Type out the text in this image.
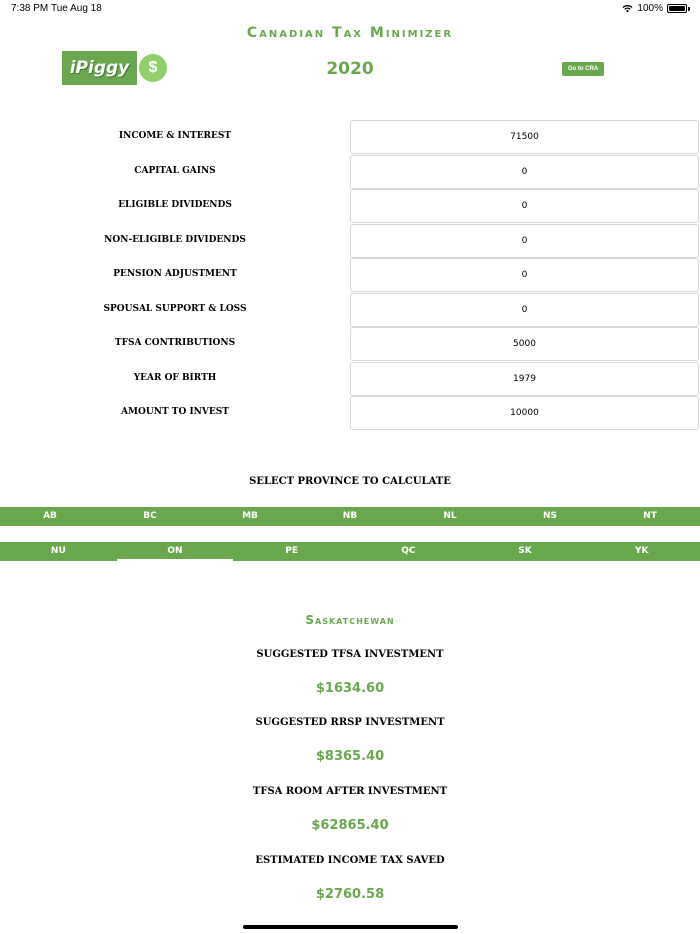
7:38 PM Tue Aug 18	100%
Canadian Tax Minimizer
iPiggy	$	2020	Go to CRA
INCOME & INTEREST	71500
CAPITAL GAINS	0
ELIGIBLE DIVIDENDS	0
NON-ELIGIBLE DIVIDENDS	0
PENSION ADJUSTMENT	0
SPOUSAL SUPPORT & LOSS	0
TFSA CONTRIBUTIONS	5000
YEAR OF BIRTH	1979
AMOUNT TO INVEST	10000
SELECT PROVINCE TO CALCULATE
AB	BC	MB	NB	NL	NS	NT
NU	ON	PE	QC	SK	YK
Saskatchewan
SUGGESTED TFSA INVESTMENT
$1634.60
SUGGESTED RRSP INVESTMENT
$8365.40
TFSA ROOM AFTER INVESTMENT
$62865.40
ESTIMATED INCOME TAX SAVED
$2760.58
